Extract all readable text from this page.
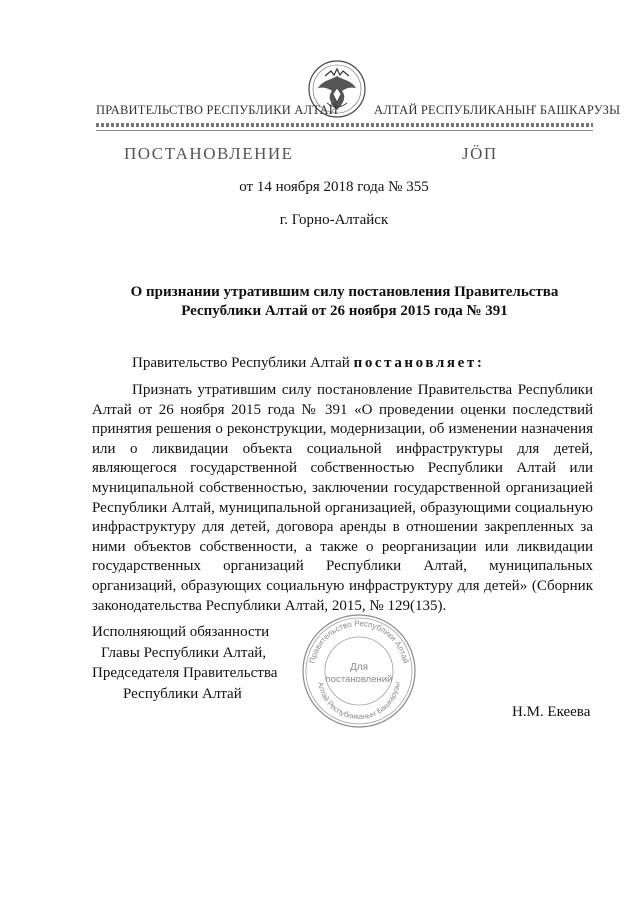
ПРАВИТЕЛЬСТВО РЕСПУБЛИКИ АЛТАЙ	АЛТАЙ РЕСПУБЛИКАНЫҤ БАШКАРУЗЫ
ПОСТАНОВЛЕНИЕ	JӦП
от 14 ноября 2018 года № 355
г. Горно-Алтайск
О признании утратившим силу постановления Правительства
Республики Алтай от 26 ноября 2015 года № 391
Правительство Республики Алтай постановляет:

Признать утратившим силу постановление Правительства Республики Алтай от 26 ноября 2015 года № 391 «О проведении оценки последствий принятия решения о реконструкции, модернизации, об изменении назначения или о ликвидации объекта социальной инфраструктуры для детей, являющегося государственной собственностью Республики Алтай или муниципальной собственностью, заключении государственной организацией Республики Алтай, муниципальной организацией, образующими социальную инфраструктуру для детей, договора аренды в отношении закрепленных за ними объектов собственности, а также о реорганизации или ликвидации государственных организаций Республики Алтай, муниципальных организаций, образующих социальную инфраструктуру для детей» (Сборник законодательства Республики Алтай, 2015, № 129(135).

Исполняющий обязанности
Главы Республики Алтай,
Председателя Правительства
Республики Алтай
Н.М. Екеева
Правительство Республики Алтай
Алтай Республиканыҥ Башкарузы
Для
постановлений
